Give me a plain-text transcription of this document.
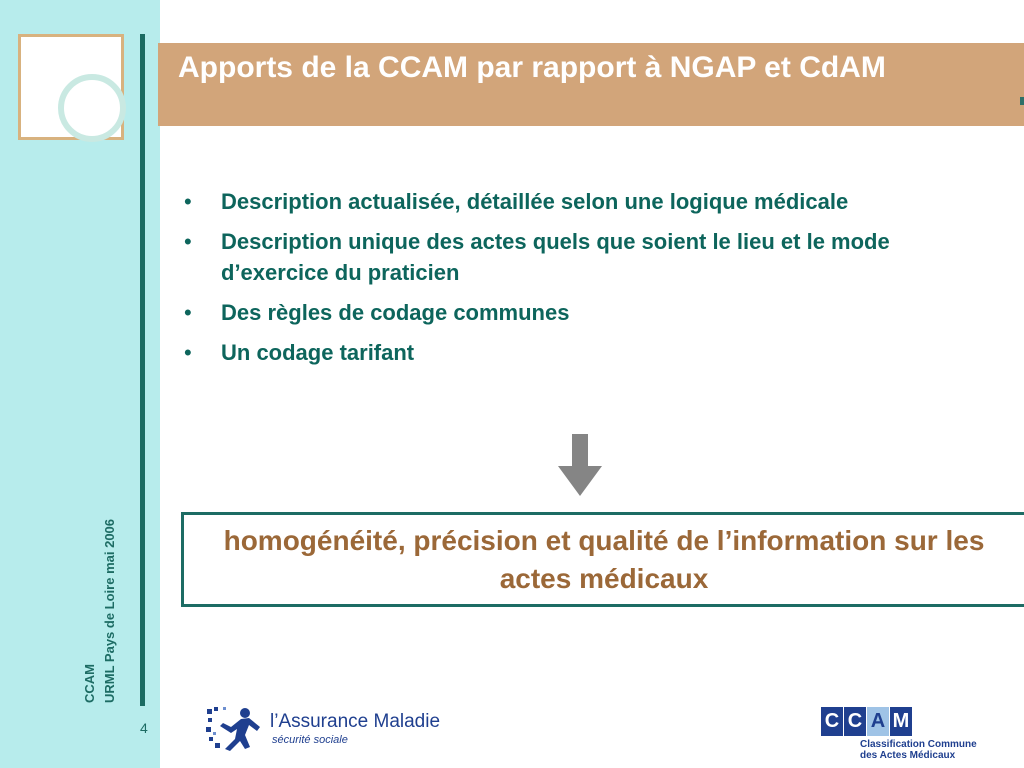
Apports de la CCAM par rapport à NGAP et CdAM
• Description actualisée, détaillée selon une logique médicale
• Description unique des actes quels que soient le lieu et le mode d’exercice du praticien
• Des règles de codage communes
• Un codage tarifant

homogénéité, précision et qualité de l’information sur les actes médicaux

CCAM URML Pays de Loire mai 2006
4	l’Assurance Maladie
sécurité sociale
C C A M
Classification Commune
des Actes Médicaux
